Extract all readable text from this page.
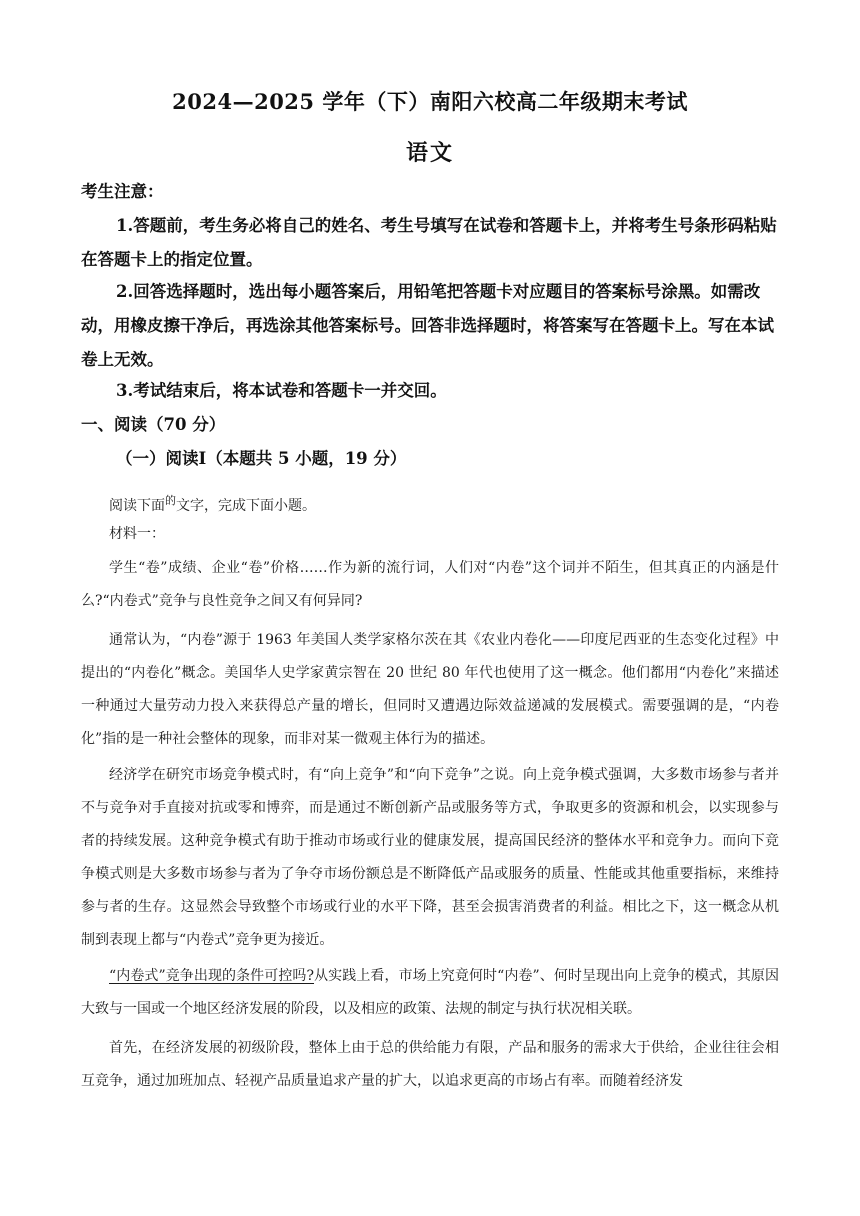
2024—2025 学年（下）南阳六校高二年级期末考试
语文
考生注意：
1.答题前，考生务必将自己的姓名、考生号填写在试卷和答题卡上，并将考生号条形码粘贴在答题卡上的指定位置。
2.回答选择题时，选出每小题答案后，用铅笔把答题卡对应题目的答案标号涂黑。如需改动，用橡皮擦干净后，再选涂其他答案标号。回答非选择题时，将答案写在答题卡上。写在本试卷上无效。
3.考试结束后，将本试卷和答题卡一并交回。
一、阅读（70 分）
（一）阅读Ⅰ（本题共 5 小题，19 分）
阅读下面$^的$文字，完成下面小题。
材料一：
学生“卷”成绩、企业“卷”价格……作为新的流行词，人们对“内卷”这个词并不陌生，但其真正的内涵是什么?“内卷式”竞争与良性竞争之间又有何异同?
通常认为，“内卷”源于 1963 年美国人类学家格尔茨在其《农业内卷化——印度尼西亚的生态变化过程》中提出的“内卷化”概念。美国华人史学家黄宗智在 20 世纪 80 年代也使用了这一概念。他们都用“内卷化”来描述一种通过大量劳动力投入来获得总产量的增长，但同时又遭遇边际效益递减的发展模式。需要强调的是，“内卷化”指的是一种社会整体的现象，而非对某一微观主体行为的描述。
经济学在研究市场竞争模式时，有“向上竞争”和“向下竞争”之说。向上竞争模式强调，大多数市场参与者并不与竞争对手直接对抗或零和博弈，而是通过不断创新产品或服务等方式，争取更多的资源和机会，以实现参与者的持续发展。这种竞争模式有助于推动市场或行业的健康发展，提高国民经济的整体水平和竞争力。而向下竞争模式则是大多数市场参与者为了争夺市场份额总是不断降低产品或服务的质量、性能或其他重要指标，来维持参与者的生存。这显然会导致整个市场或行业的水平下降，甚至会损害消费者的利益。相比之下，这一概念从机制到表现上都与“内卷式”竞争更为接近。
“内卷式”竞争出现的条件可控吗?从实践上看，市场上究竟何时“内卷”、何时呈现出向上竞争的模式，其原因大致与一国或一个地区经济发展的阶段，以及相应的政策、法规的制定与执行状况相关联。
首先，在经济发展的初级阶段，整体上由于总的供给能力有限，产品和服务的需求大于供给，企业往往会相互竞争，通过加班加点、轻视产品质量追求产量的扩大，以追求更高的市场占有率。而随着经济发
